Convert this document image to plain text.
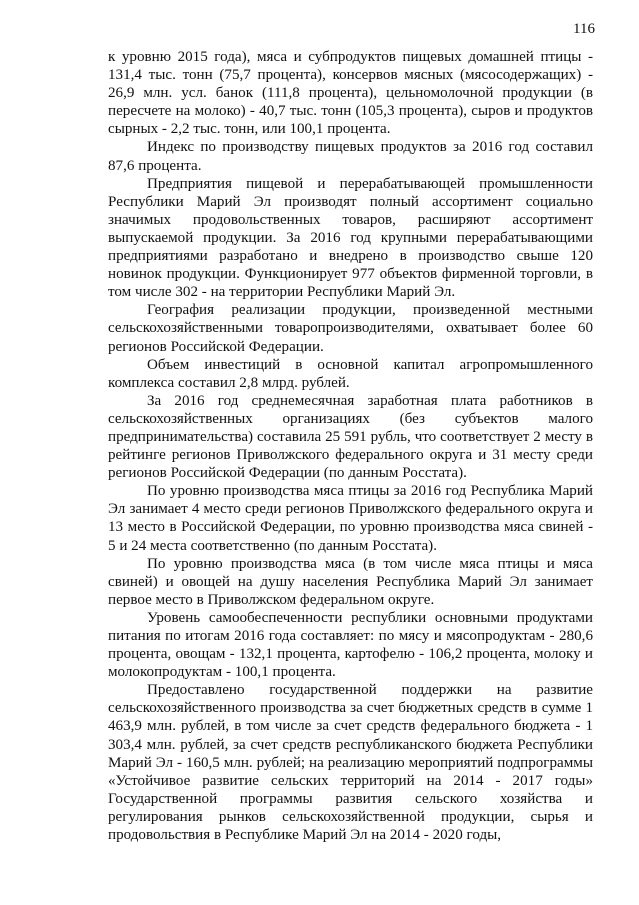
116

к уровню 2015 года), мяса и субпродуктов пищевых домашней птицы - 131,4 тыс. тонн (75,7 процента), консервов мясных (мясосодержащих) - 26,9 млн. усл. банок (111,8 процента), цельномолочной продукции (в пересчете на молоко) - 40,7 тыс. тонн (105,3 процента), сыров и продуктов сырных - 2,2 тыс. тонн, или 100,1 процента.

Индекс по производству пищевых продуктов за 2016 год составил 87,6 процента.

Предприятия пищевой и перерабатывающей промышленности Республики Марий Эл производят полный ассортимент социально значимых продовольственных товаров, расширяют ассортимент выпускаемой продукции. За 2016 год крупными перерабатывающими предприятиями разработано и внедрено в производство свыше 120 новинок продукции. Функционирует 977 объектов фирменной торговли, в том числе 302 - на территории Республики Марий Эл.

География реализации продукции, произведенной местными сельскохозяйственными товаропроизводителями, охватывает более 60 регионов Российской Федерации.

Объем инвестиций в основной капитал агропромышленного комплекса составил 2,8 млрд. рублей.

За 2016 год среднемесячная заработная плата работников в сельскохозяйственных организациях (без субъектов малого предпринимательства) составила 25 591 рубль, что соответствует 2 месту в рейтинге регионов Приволжского федерального округа и 31 месту среди регионов Российской Федерации (по данным Росстата).

По уровню производства мяса птицы за 2016 год Республика Марий Эл занимает 4 место среди регионов Приволжского федерального округа и 13 место в Российской Федерации, по уровню производства мяса свиней - 5 и 24 места соответственно (по данным Росстата).

По уровню производства мяса (в том числе мяса птицы и мяса свиней) и овощей на душу населения Республика Марий Эл занимает первое место в Приволжском федеральном округе.

Уровень самообеспеченности республики основными продуктами питания по итогам 2016 года составляет: по мясу и мясопродуктам - 280,6 процента, овощам - 132,1 процента, картофелю - 106,2 процента, молоку и молокопродуктам - 100,1 процента.

Предоставлено государственной поддержки на развитие сельскохозяйственного производства за счет бюджетных средств в сумме 1 463,9 млн. рублей, в том числе за счет средств федерального бюджета - 1 303,4 млн. рублей, за счет средств республиканского бюджета Республики Марий Эл - 160,5 млн. рублей; на реализацию мероприятий подпрограммы «Устойчивое развитие сельских территорий на 2014 - 2017 годы» Государственной программы развития сельского хозяйства и регулирования рынков сельскохозяйственной продукции, сырья и продовольствия в Республике Марий Эл на 2014 - 2020 годы,
